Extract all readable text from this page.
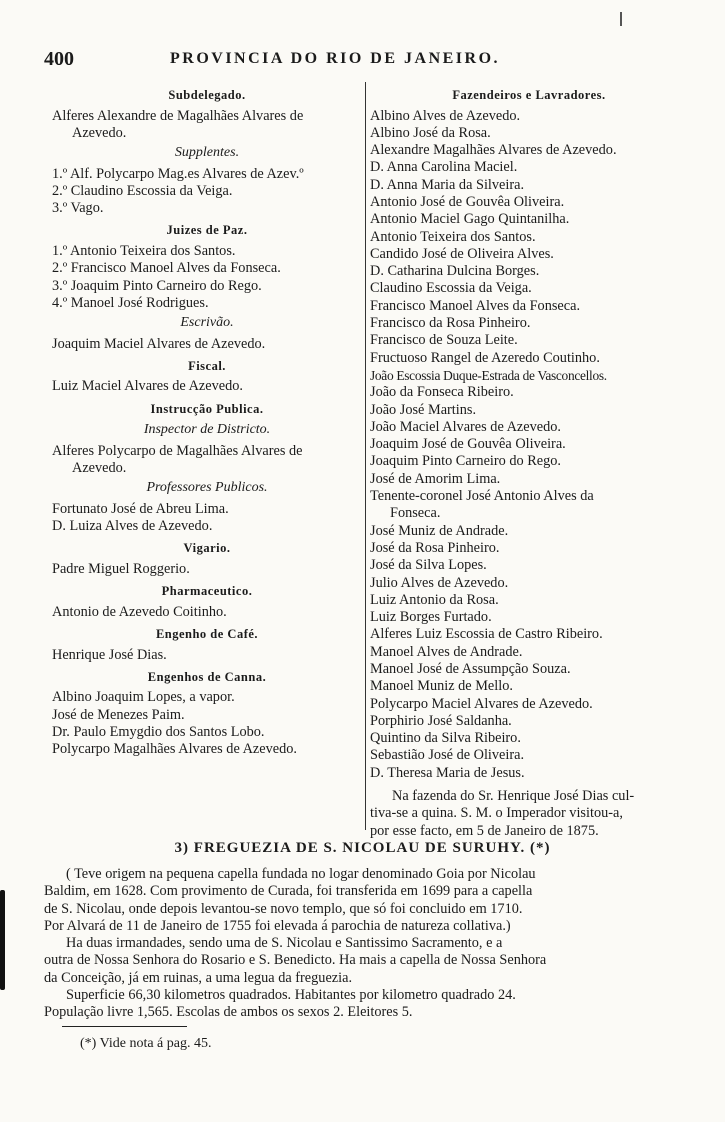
400	PROVINCIA DO RIO DE JANEIRO.
Subdelegado.
Alferes Alexandre de Magalhães Alvares de
Azevedo.
Supplentes.
1.º Alf. Polycarpo Mag.es Alvares de Azev.º
2.º Claudino Escossia da Veiga.
3.º Vago.
Juizes de Paz.
1.º Antonio Teixeira dos Santos.
2.º Francisco Manoel Alves da Fonseca.
3.º Joaquim Pinto Carneiro do Rego.
4.º Manoel José Rodrigues.
Escrivão.
Joaquim Maciel Alvares de Azevedo.
Fiscal.
Luiz Maciel Alvares de Azevedo.
Instrucção Publica.
Inspector de Districto.
Alferes Polycarpo de Magalhães Alvares de
Azevedo.
Professores Publicos.
Fortunato José de Abreu Lima.
D. Luiza Alves de Azevedo.
Vigario.
Padre Miguel Roggerio.
Pharmaceutico.
Antonio de Azevedo Coitinho.
Engenho de Café.
Henrique José Dias.
Engenhos de Canna.
Albino Joaquim Lopes, a vapor.
José de Menezes Paim.
Dr. Paulo Emygdio dos Santos Lobo.
Polycarpo Magalhães Alvares de Azevedo.
Fazendeiros e Lavradores.
Albino Alves de Azevedo.
Albino José da Rosa.
Alexandre Magalhães Alvares de Azevedo.
D. Anna Carolina Maciel.
D. Anna Maria da Silveira.
Antonio José de Gouvêa Oliveira.
Antonio Maciel Gago Quintanilha.
Antonio Teixeira dos Santos.
Candido José de Oliveira Alves.
D. Catharina Dulcina Borges.
Claudino Escossia da Veiga.
Francisco Manoel Alves da Fonseca.
Francisco da Rosa Pinheiro.
Francisco de Souza Leite.
Fructuoso Rangel de Azeredo Coutinho.
João Escossia Duque-Estrada de Vasconcellos.
João da Fonseca Ribeiro.
João José Martins.
João Maciel Alvares de Azevedo.
Joaquim José de Gouvêa Oliveira.
Joaquim Pinto Carneiro do Rego.
José de Amorim Lima.
Tenente-coronel José Antonio Alves da
Fonseca.
José Muniz de Andrade.
José da Rosa Pinheiro.
José da Silva Lopes.
Julio Alves de Azevedo.
Luiz Antonio da Rosa.
Luiz Borges Furtado.
Alferes Luiz Escossia de Castro Ribeiro.
Manoel Alves de Andrade.
Manoel José de Assumpção Souza.
Manoel Muniz de Mello.
Polycarpo Maciel Alvares de Azevedo.
Porphirio José Saldanha.
Quintino da Silva Ribeiro.
Sebastião José de Oliveira.
D. Theresa Maria de Jesus.
Na fazenda do Sr. Henrique José Dias cul-
tiva-se a quina. S. M. o Imperador visitou-a,
por esse facto, em 5 de Janeiro de 1875.
3) FREGUEZIA DE S. NICOLAU DE SURUHY. (*)
( Teve origem na pequena capella fundada no logar denominado Goia por Nicolau
Baldim, em 1628. Com provimento de Curada, foi transferida em 1699 para a capella
de S. Nicolau, onde depois levantou-se novo templo, que só foi concluido em 1710.
Por Alvará de 11 de Janeiro de 1755 foi elevada á parochia de natureza collativa.)
Ha duas irmandades, sendo uma de S. Nicolau e Santissimo Sacramento, e a
outra de Nossa Senhora do Rosario e S. Benedicto. Ha mais a capella de Nossa Senhora
da Conceição, já em ruinas, a uma legua da freguezia.
Superficie 66,30 kilometros quadrados. Habitantes por kilometro quadrado 24.
População livre 1,565. Escolas de ambos os sexos 2. Eleitores 5.
(*) Vide nota á pag. 45.
